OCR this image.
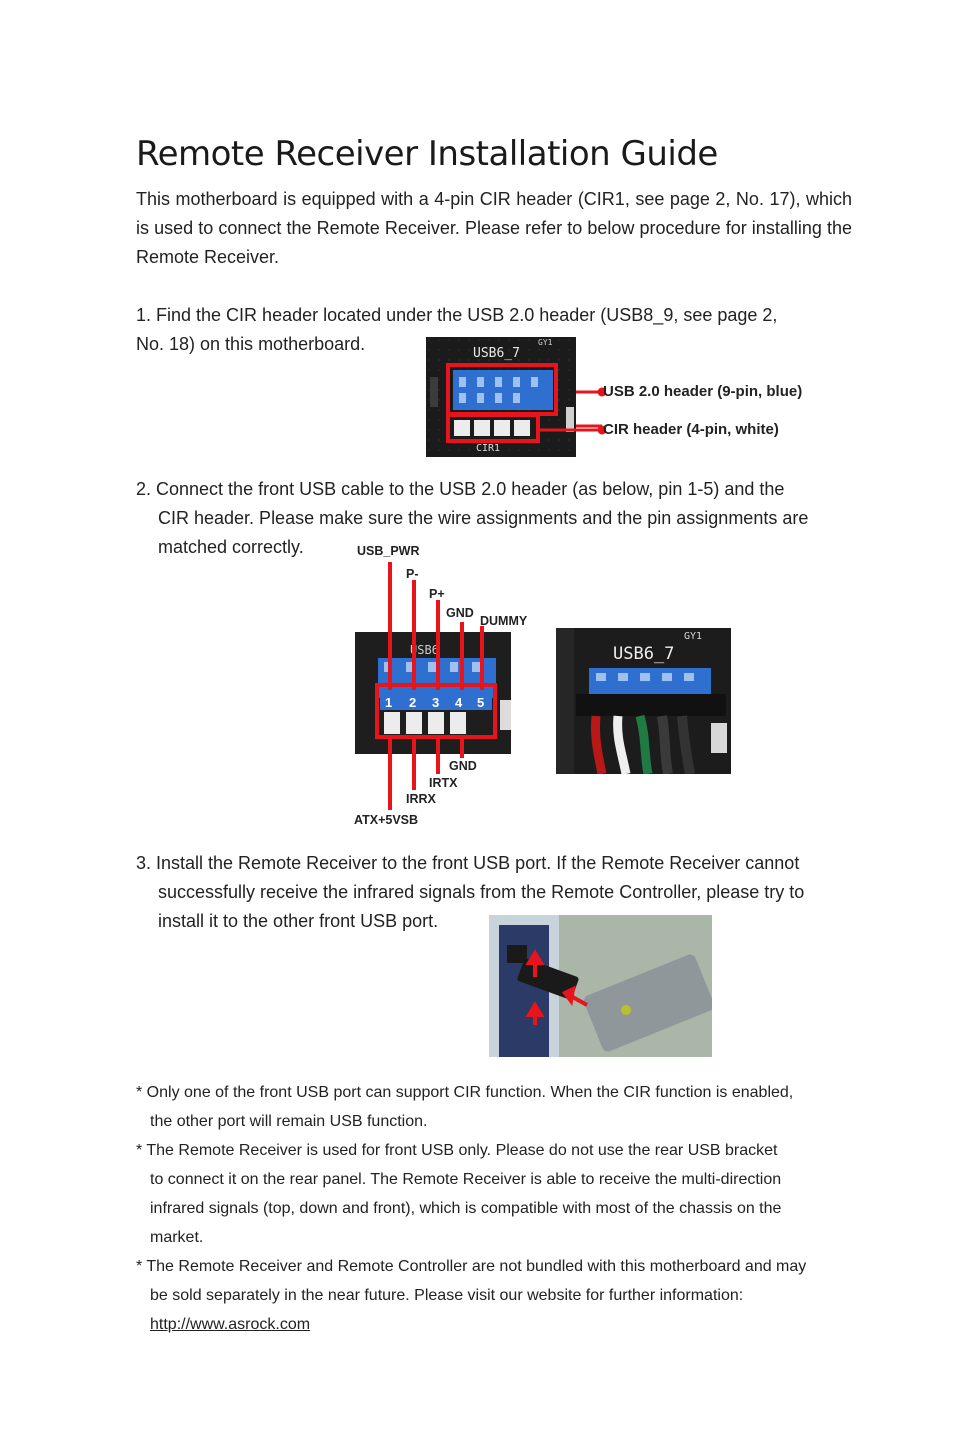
Remote Receiver Installation Guide

This motherboard is equipped with a 4-pin CIR header (CIR1, see page 2, No. 17), which is used to connect the Remote Receiver. Please refer to below procedure for installing the Remote Receiver.

1. Find the CIR header located under the USB 2.0 header (USB8_9, see page 2,
No. 18) on this motherboard.	USB6_7
GY1
CIR1
USB 2.0 header (9-pin, blue)
CIR header (4-pin, white)
2. Connect the front USB cable to the USB 2.0 header (as below, pin 1-5) and the
CIR header. Please make sure the wire assignments and the pin assignments are
matched correctly.
USB6
1 2 3 4 5
USB_PWR
P-
P+
GND
DUMMY
GND
IRTX
IRRX
ATX+5VSB
GY1
USB6_7
3. Install the Remote Receiver to the front USB port. If the Remote Receiver cannot
successfully receive the infrared signals from the Remote Controller, please try to
install it to the other front USB port.
* Only one of the front USB port can support CIR function. When the CIR function is enabled,
the other port will remain USB function.
* The Remote Receiver is used for front USB only. Please do not use the rear USB bracket
to connect it on the rear panel. The Remote Receiver is able to receive the multi-direction
infrared signals (top, down and front), which is compatible with most of the chassis on the
market.
* The Remote Receiver and Remote Controller are not bundled with this motherboard and may
be sold separately in the near future. Please visit our website for further information:
http://www.asrock.com
